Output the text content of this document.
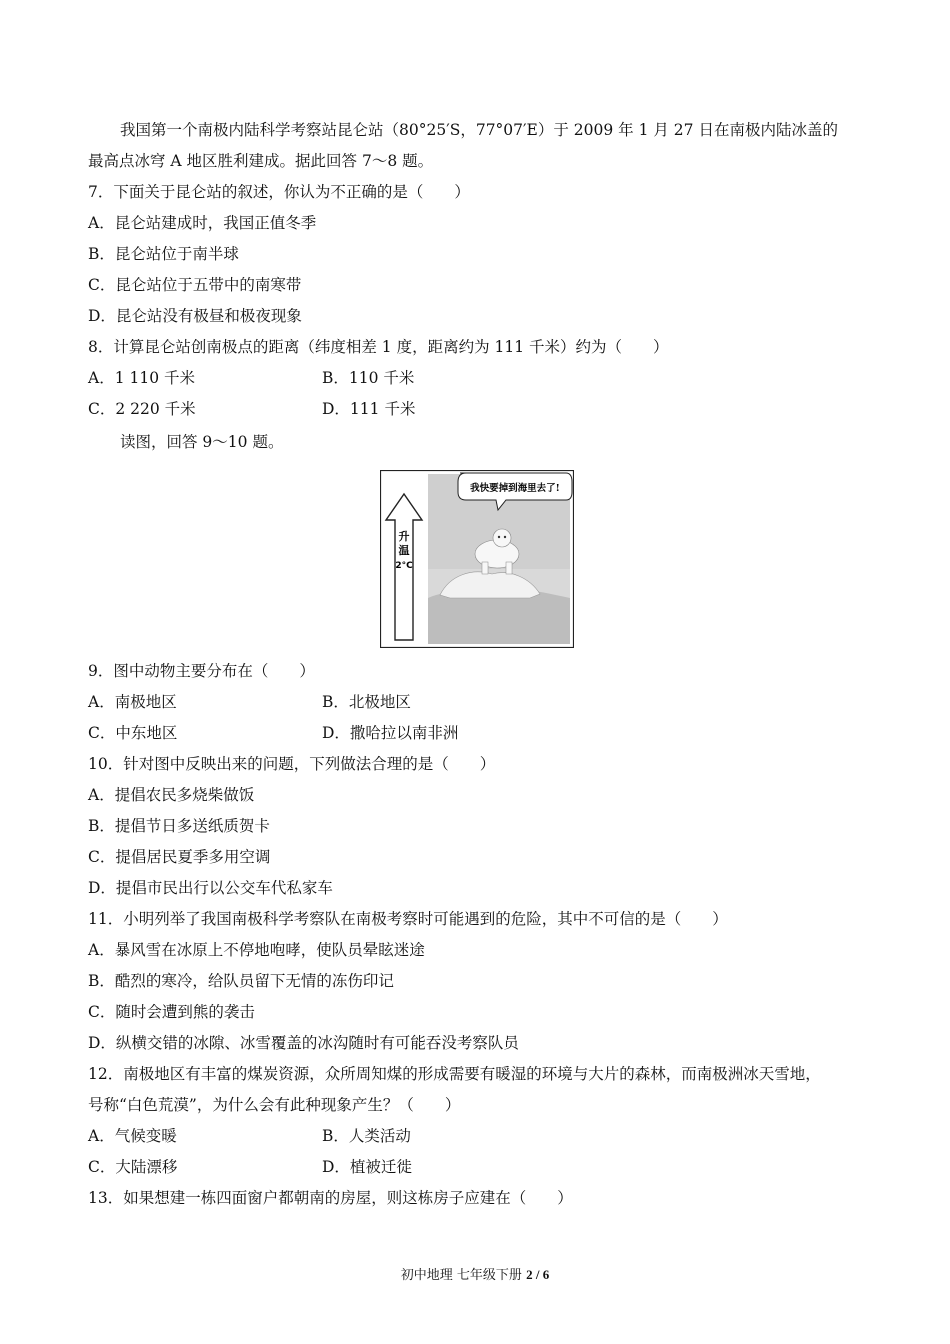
我国第一个南极内陆科学考察站昆仑站（80°25′S，77°07′E）于 2009 年 1 月 27 日在南极内陆冰盖的
最高点冰穹 A 地区胜利建成。据此回答 7～8 题。
7．下面关于昆仑站的叙述，你认为不正确的是（　　）
A．昆仑站建成时，我国正值冬季
B．昆仑站位于南半球
C．昆仑站位于五带中的南寒带
D．昆仑站没有极昼和极夜现象
8．计算昆仑站创南极点的距离（纬度相差 1 度，距离约为 111 千米）约为（　　）
A．1 110 千米	B．110 千米
C．2 220 千米	D．111 千米
读图，回答 9～10 题。
升
温
2°C
我快要掉到海里去了!
9．图中动物主要分布在（　　）
A．南极地区	B．北极地区
C．中东地区	D．撒哈拉以南非洲
10．针对图中反映出来的问题，下列做法合理的是（　　）
A．提倡农民多烧柴做饭
B．提倡节日多送纸质贺卡
C．提倡居民夏季多用空调
D．提倡市民出行以公交车代私家车
11．小明列举了我国南极科学考察队在南极考察时可能遇到的危险，其中不可信的是（　　）
A．暴风雪在冰原上不停地咆哮，使队员晕眩迷途
B．酷烈的寒冷，给队员留下无情的冻伤印记
C．随时会遭到熊的袭击
D．纵横交错的冰隙、冰雪覆盖的冰沟随时有可能吞没考察队员
12．南极地区有丰富的煤炭资源，众所周知煤的形成需要有暖湿的环境与大片的森林，而南极洲冰天雪地，
号称“白色荒漠”，为什么会有此种现象产生？（　　）
A．气候变暖	B．人类活动
C．大陆漂移	D．植被迁徙
13．如果想建一栋四面窗户都朝南的房屋，则这栋房子应建在（　　）
初中地理 七年级下册 2 / 6
